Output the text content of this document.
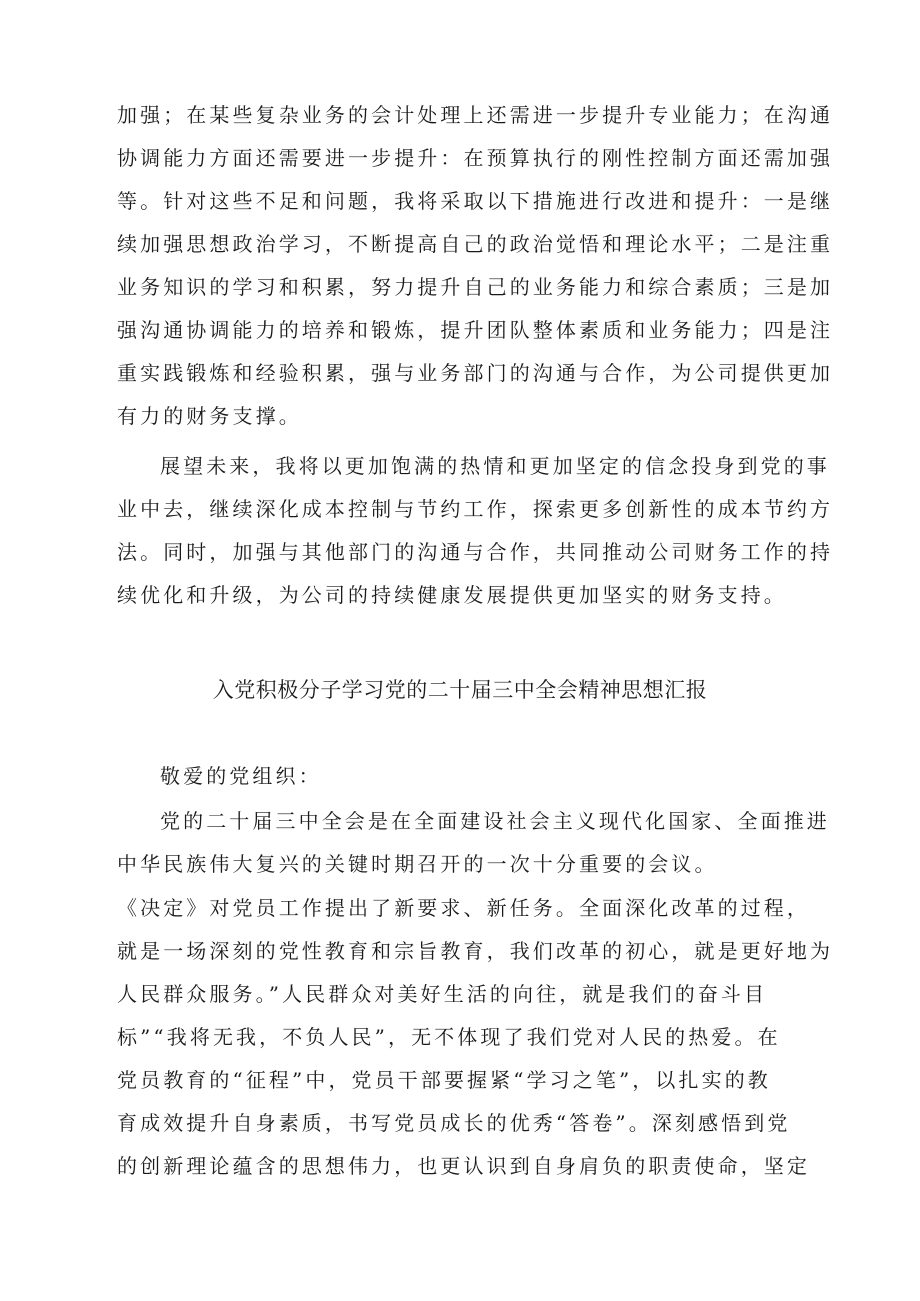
加强；在某些复杂业务的会计处理上还需进一步提升专业能力；在沟通
协调能力方面还需要进一步提升：在预算执行的刚性控制方面还需加强
等。针对这些不足和问题，我将采取以下措施进行改进和提升：一是继
续加强思想政治学习，不断提高自己的政治觉悟和理论水平；二是注重
业务知识的学习和积累，努力提升自己的业务能力和综合素质；三是加
强沟通协调能力的培养和锻炼，提升团队整体素质和业务能力；四是注
重实践锻炼和经验积累，强与业务部门的沟通与合作，为公司提供更加
有力的财务支撑。
展望未来，我将以更加饱满的热情和更加坚定的信念投身到党的事
业中去，继续深化成本控制与节约工作，探索更多创新性的成本节约方
法。同时，加强与其他部门的沟通与合作，共同推动公司财务工作的持
续优化和升级，为公司的持续健康发展提供更加坚实的财务支持。
入党积极分子学习党的二十届三中全会精神思想汇报
敬爱的党组织：
党的二十届三中全会是在全面建设社会主义现代化国家、全面推进
中华民族伟大复兴的关键时期召开的一次十分重要的会议。
《决定》对党员工作提出了新要求、新任务。全面深化改革的过程，
就是一场深刻的党性教育和宗旨教育，我们改革的初心，就是更好地为
人民群众服务。”人民群众对美好生活的向往，就是我们的奋斗目
标”“我将无我，不负人民”，无不体现了我们党对人民的热爱。在
党员教育的“征程”中，党员干部要握紧“学习之笔”，以扎实的教
育成效提升自身素质，书写党员成长的优秀“答卷”。深刻感悟到党
的创新理论蕴含的思想伟力，也更认识到自身肩负的职责使命，坚定
